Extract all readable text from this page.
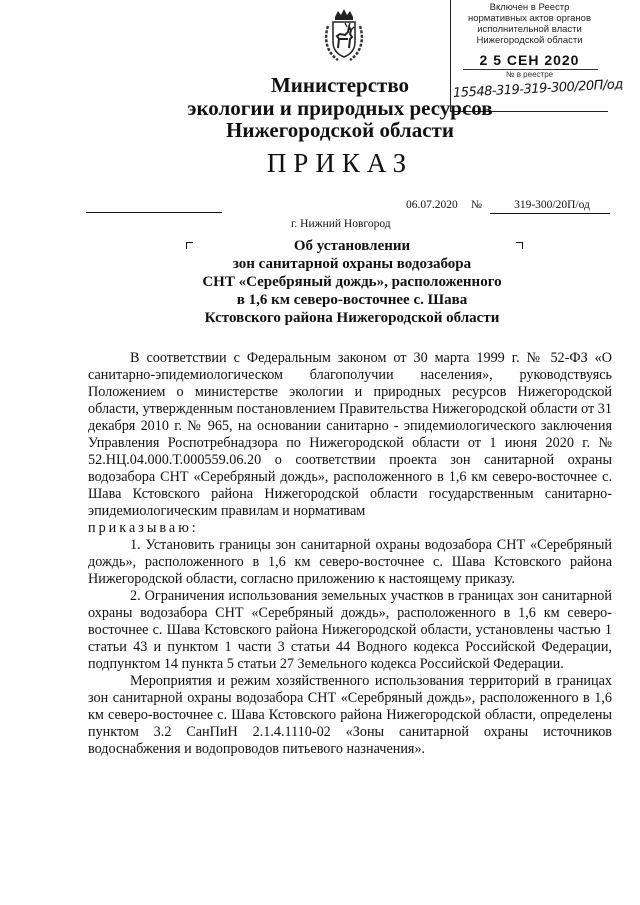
Включен в Реестр
нормативных актов органов
исполнительной власти
Нижегородской области
2 5 СЕН 2020
№ в реестре
15548-319-319-300/20П/од
Министерство
экологии и природных ресурсов
Нижегородской области
ПРИКАЗ
06.07.2020 №	319-300/20П/од
г. Нижний Новгород
Об установлении
зон санитарной охраны водозабора
СНТ «Серебряный дождь», расположенного
в 1,6 км северо-восточнее с. Шава
Кстовского района Нижегородской области

В соответствии с Федеральным законом от 30 марта 1999 г. № 52-ФЗ «О санитарно-эпидемиологическом благополучии населения», руководствуясь Положением о министерстве экологии и природных ресурсов Нижегородской области, утвержденным постановлением Правительства Нижегородской области от 31 декабря 2010 г. № 965, на основании санитарно - эпидемиологического заключения Управления Роспотребнадзора по Нижегородской области от 1 июня 2020 г. № 52.НЦ.04.000.Т.000559.06.20 о соответствии проекта зон санитарной охраны водозабора СНТ «Серебряный дождь», расположенного в 1,6 км северо-восточнее с. Шава Кстовского района Нижегородской области государственным санитарно-эпидемиологическим правилам и нормативам

приказываю:

1. Установить границы зон санитарной охраны водозабора СНТ «Серебряный дождь», расположенного в 1,6 км северо-восточнее с. Шава Кстовского района Нижегородской области, согласно приложению к настоящему приказу.

2. Ограничения использования земельных участков в границах зон санитарной охраны водозабора СНТ «Серебряный дождь», расположенного в 1,6 км северо-восточнее с. Шава Кстовского района Нижегородской области, установлены частью 1 статьи 43 и пунктом 1 части 3 статьи 44 Водного кодекса Российской Федерации, подпунктом 14 пункта 5 статьи 27 Земельного кодекса Российской Федерации.

Мероприятия и режим хозяйственного использования территорий в границах зон санитарной охраны водозабора СНТ «Серебряный дождь», расположенного в 1,6 км северо-восточнее с. Шава Кстовского района Нижегородской области, определены пунктом 3.2 СанПиН 2.1.4.1110-02 «Зоны санитарной охраны источников водоснабжения и водопроводов питьевого назначения».
